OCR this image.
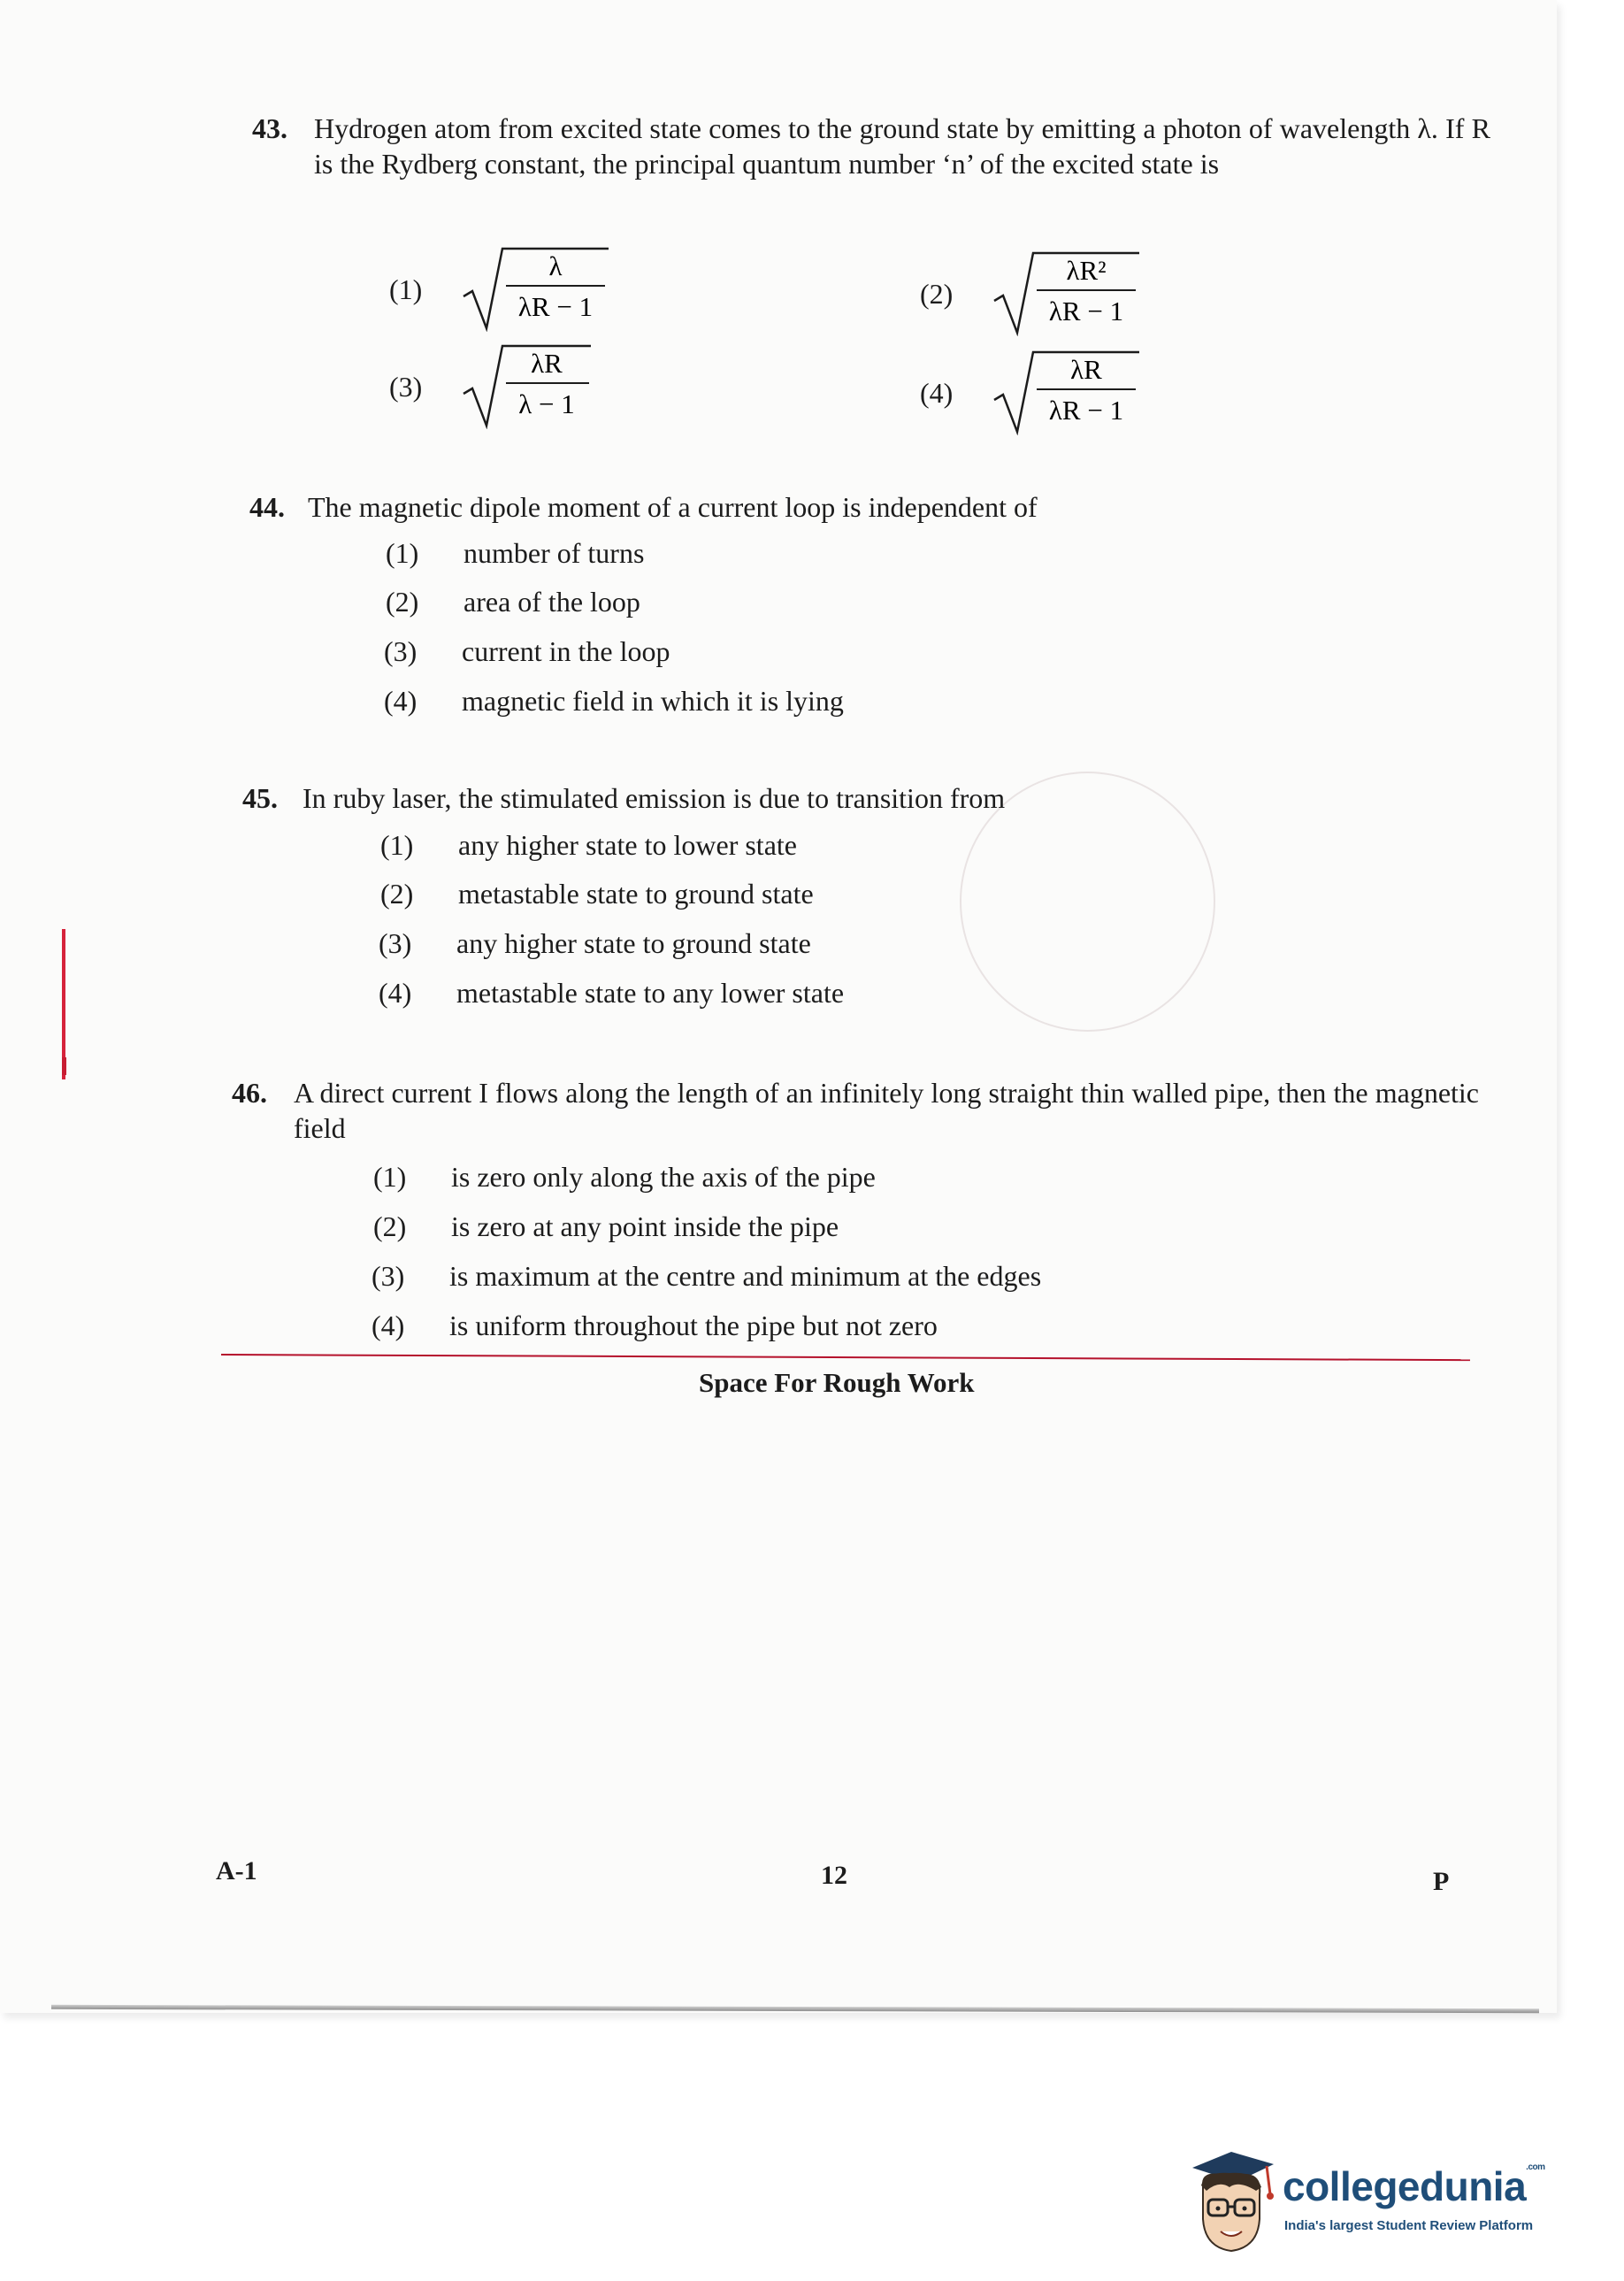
43. Hydrogen atom from excited state comes to the ground state by emitting a photon of wavelength λ. If R is the Rydberg constant, the principal quantum number ‘n’ of the excited state is
(1)
λ
λR − 1	(2)
λR²
λR − 1
(3)
λR
λ − 1	(4)
λR
λR − 1
44. The magnetic dipole moment of a current loop is independent of
(1) number of turns
(2) area of the loop
(3) current in the loop
(4) magnetic field in which it is lying
45. In ruby laser, the stimulated emission is due to transition from
(1) any higher state to lower state
(2) metastable state to ground state
(3) any higher state to ground state
(4) metastable state to any lower state
46. A direct current I flows along the length of an infinitely long straight thin walled pipe, then the magnetic field
(1) is zero only along the axis of the pipe
(2) is zero at any point inside the pipe
(3) is maximum at the centre and minimum at the edges
(4) is uniform throughout the pipe but not zero
Space For Rough Work
A-1	12	P
collegedunia$^{.com}$
India's largest Student Review Platform
